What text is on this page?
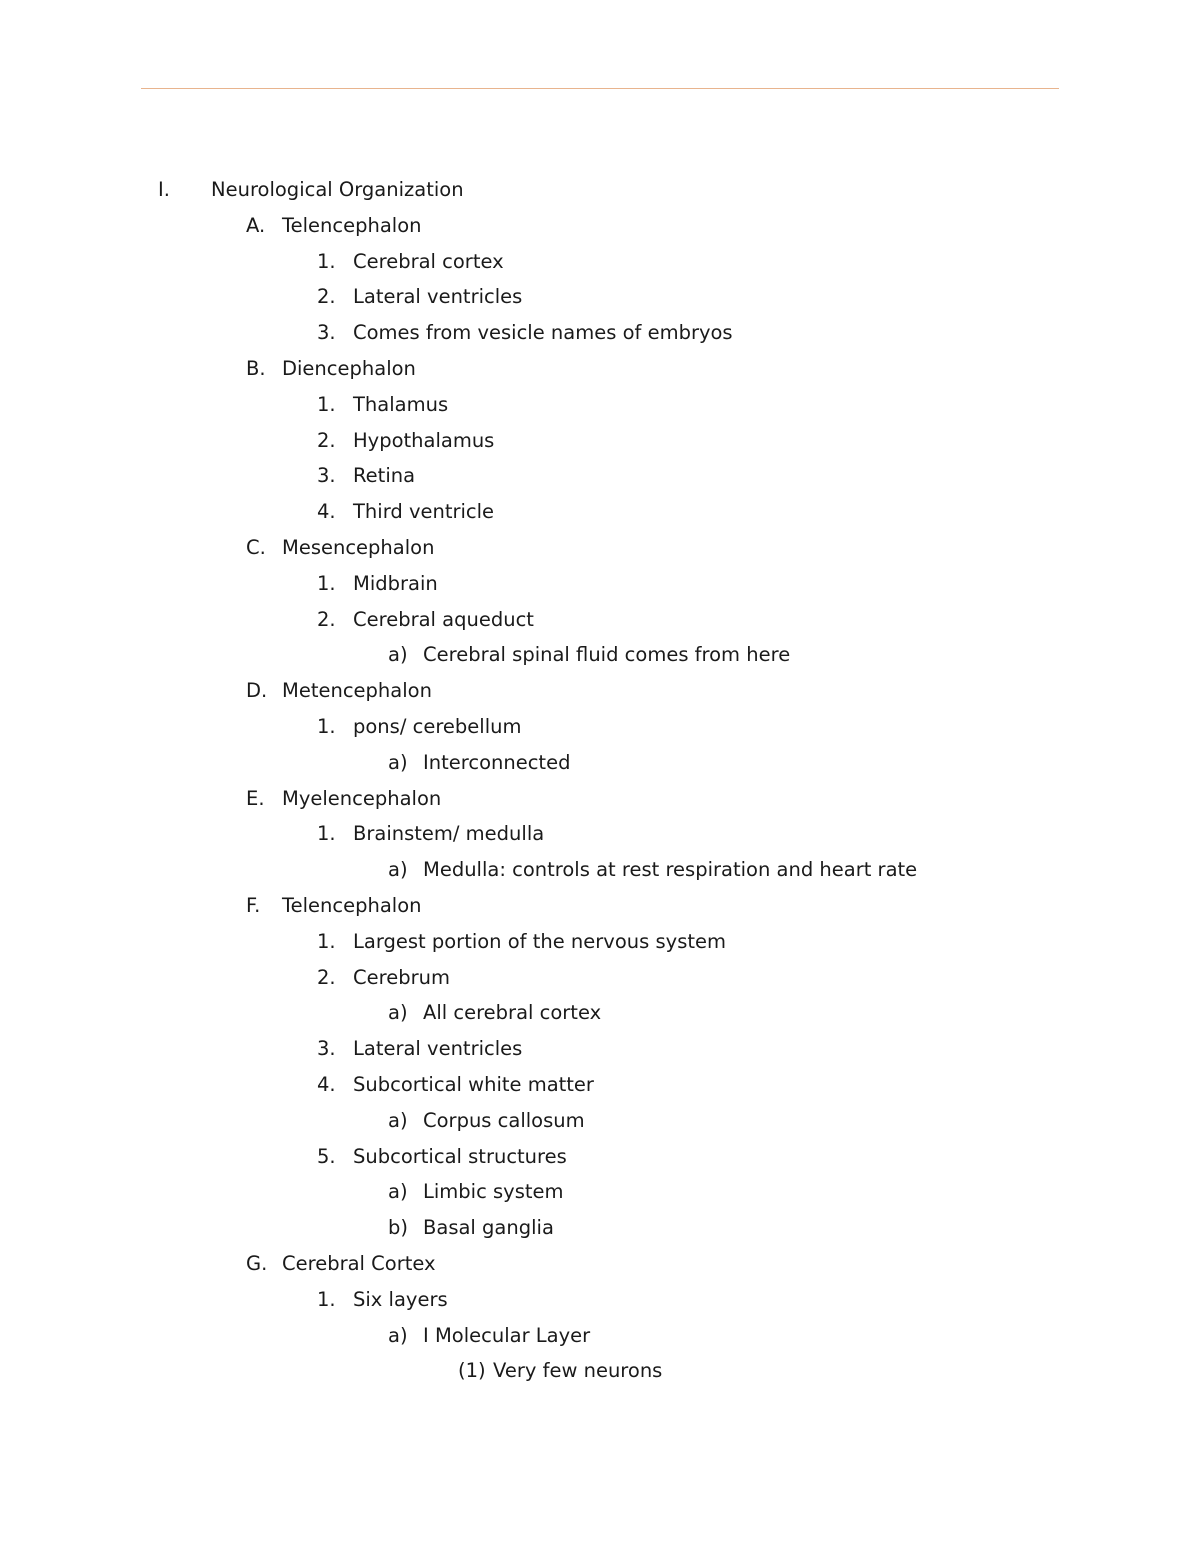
I. Neurological Organization
A. Telencephalon
1. Cerebral cortex
2. Lateral ventricles
3. Comes from vesicle names of embryos
B. Diencephalon
1. Thalamus
2. Hypothalamus
3. Retina
4. Third ventricle
C. Mesencephalon
1. Midbrain
2. Cerebral aqueduct
a) Cerebral spinal fluid comes from here
D. Metencephalon
1. pons/ cerebellum
a) Interconnected
E. Myelencephalon
1. Brainstem/ medulla
a) Medulla: controls at rest respiration and heart rate
F. Telencephalon
1. Largest portion of the nervous system
2. Cerebrum
a) All cerebral cortex
3. Lateral ventricles
4. Subcortical white matter
a) Corpus callosum
5. Subcortical structures
a) Limbic system
b) Basal ganglia
G. Cerebral Cortex
1. Six layers
a) I Molecular Layer
(1) Very few neurons
